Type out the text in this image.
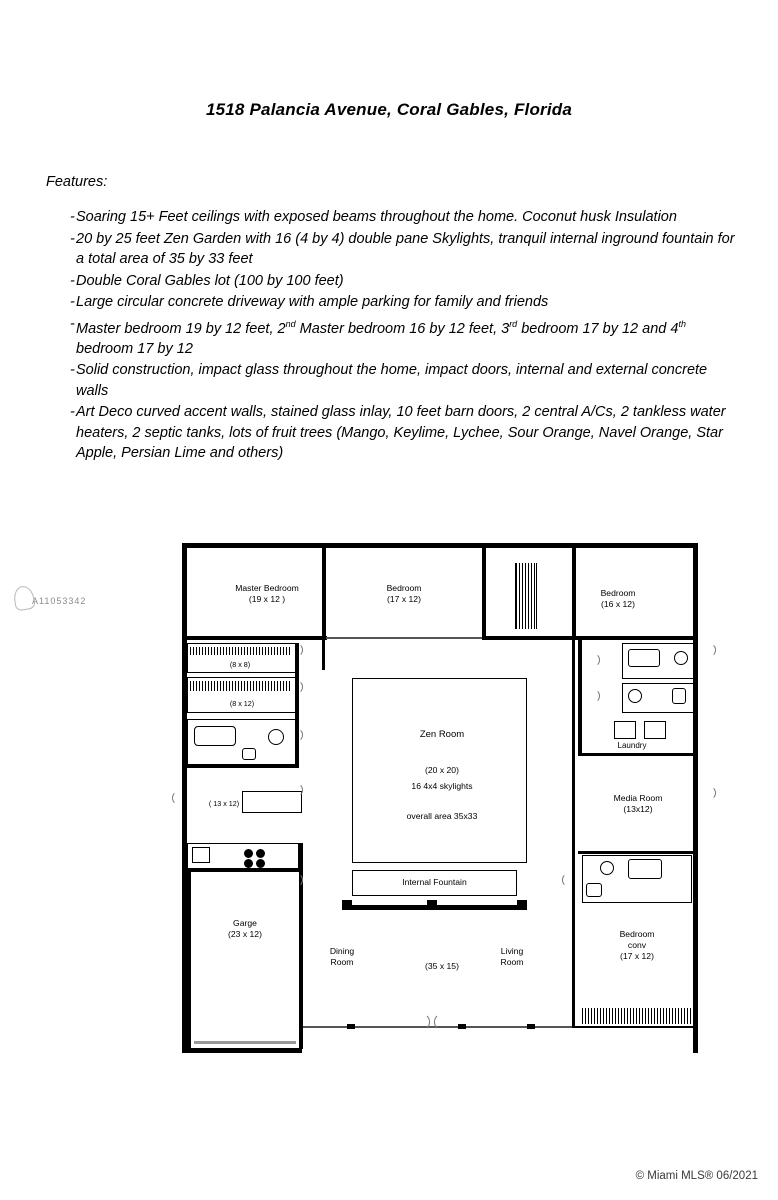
1518 Palancia Avenue, Coral Gables, Florida
Features:
- Soaring 15+ Feet ceilings with exposed beams throughout the home. Coconut husk Insulation
- 20 by 25 feet Zen Garden with 16 (4 by 4) double pane Skylights, tranquil internal inground fountain for a total area of 35 by 33 feet
- Double Coral Gables lot (100 by 100 feet)
- Large circular concrete driveway with ample parking for family and friends
- Master bedroom 19 by 12 feet, 2nd Master bedroom 16 by 12 feet, 3rd bedroom 17 by 12 and 4th bedroom 17 by 12
- Solid construction, impact glass throughout the home, impact doors, internal and external concrete walls
- Art Deco curved accent walls, stained glass inlay, 10 feet barn doors, 2 central A/Cs, 2 tankless water heaters, 2 septic tanks, lots of fruit trees (Mango, Keylime, Lychee, Sour Orange, Navel Orange, Star Apple, Persian Lime and others)
A11053342
Master Bedroom
(19 x 12 )
Bedroom
(17 x 12)
Bedroom
(16 x 12)
(8 x 8)
(8 x 12)
( 13 x 12)
Garge
(23 x 12)
Zen Room
(20 x 20)
16 4x4 skylights
overall area 35x33
Internal Fountain
Dining
Room	(35 x 15)
Living
Room
Laundry
Media Room
(13x12)
Bedroom
conv
(17 x 12)
© Miami MLS® 06/2021
